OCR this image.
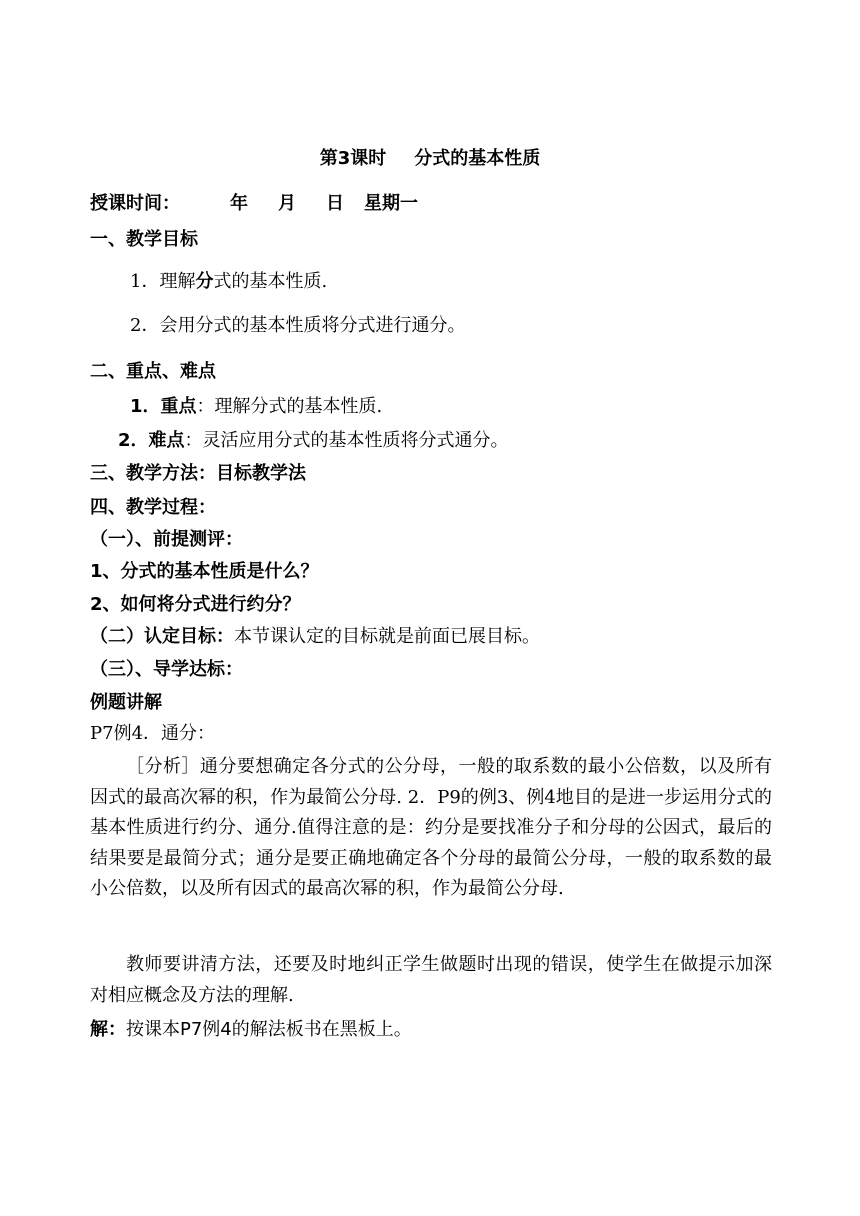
第3课时 分式的基本性质
授课时间：	年 月 日 星期一
一、教学目标
1．理解分式的基本性质.
2．会用分式的基本性质将分式进行通分。
二、重点、难点
1．重点：理解分式的基本性质.
2．难点：灵活应用分式的基本性质将分式通分。
三、教学方法：目标教学法
四、教学过程：
（一）、前提测评：
1、分式的基本性质是什么？
2、如何将分式进行约分？
（二）认定目标：本节课认定的目标就是前面已展目标。
（三）、导学达标：
例题讲解
P7例4．通分：
［分析］通分要想确定各分式的公分母，一般的取系数的最小公倍数，以及所有因式的最高次幂的积，作为最简公分母. 2．P9的例3、例4地目的是进一步运用分式的基本性质进行约分、通分.值得注意的是：约分是要找准分子和分母的公因式，最后的结果要是最简分式；通分是要正确地确定各个分母的最简公分母，一般的取系数的最小公倍数，以及所有因式的最高次幂的积，作为最简公分母.
教师要讲清方法，还要及时地纠正学生做题时出现的错误，使学生在做提示加深对相应概念及方法的理解.
解：按课本P7例4的解法板书在黑板上。
